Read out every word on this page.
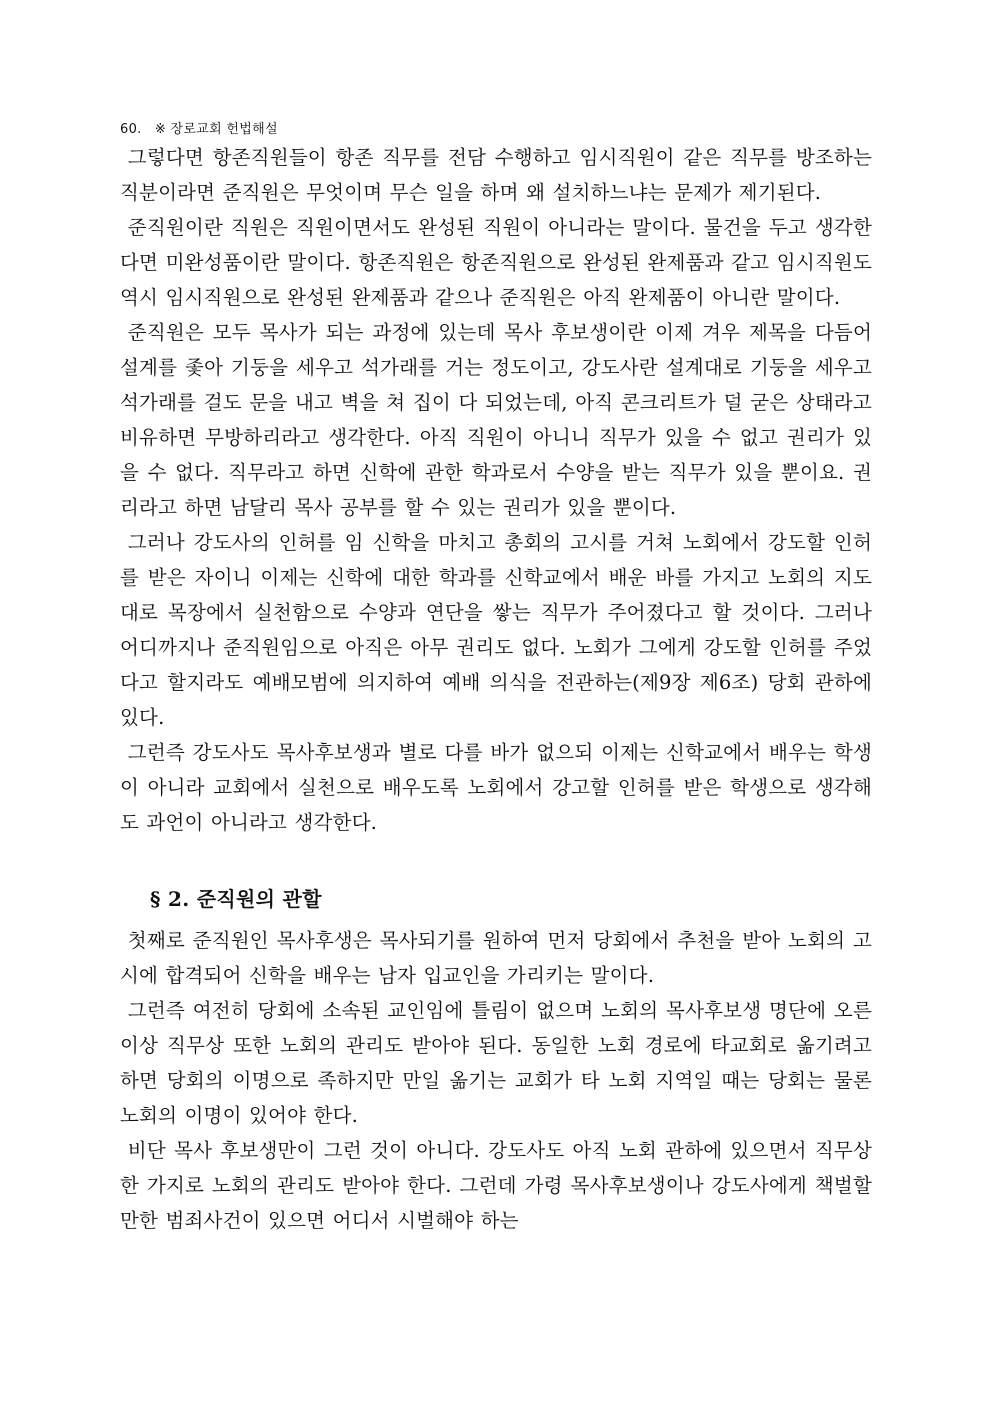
60. ※ 장로교회 헌법해설

그렇다면 항존직원들이 항존 직무를 전담 수행하고 임시직원이 같은 직무를 방조하는 직분이라면 준직원은 무엇이며 무슨 일을 하며 왜 설치하느냐는 문제가 제기된다.

준직원이란 직원은 직원이면서도 완성된 직원이 아니라는 말이다. 물건을 두고 생각한다면 미완성품이란 말이다. 항존직원은 항존직원으로 완성된 완제품과 같고 임시직원도 역시 임시직원으로 완성된 완제품과 같으나 준직원은 아직 완제품이 아니란 말이다.

준직원은 모두 목사가 되는 과정에 있는데 목사 후보생이란 이제 겨우 제목을 다듬어 설계를 좇아 기둥을 세우고 석가래를 거는 정도이고, 강도사란 설계대로 기둥을 세우고 석가래를 걸도 문을 내고 벽을 쳐 집이 다 되었는데, 아직 콘크리트가 덜 굳은 상태라고 비유하면 무방하리라고 생각한다. 아직 직원이 아니니 직무가 있을 수 없고 권리가 있을 수 없다. 직무라고 하면 신학에 관한 학과로서 수양을 받는 직무가 있을 뿐이요. 권리라고 하면 남달리 목사 공부를 할 수 있는 권리가 있을 뿐이다.

그러나 강도사의 인허를 임 신학을 마치고 총회의 고시를 거쳐 노회에서 강도할 인허를 받은 자이니 이제는 신학에 대한 학과를 신학교에서 배운 바를 가지고 노회의 지도대로 목장에서 실천함으로 수양과 연단을 쌓는 직무가 주어졌다고 할 것이다. 그러나 어디까지나 준직원임으로 아직은 아무 권리도 없다. 노회가 그에게 강도할 인허를 주었다고 할지라도 예배모범에 의지하여 예배 의식을 전관하는(제9장 제6조) 당회 관하에 있다.

그런즉 강도사도 목사후보생과 별로 다를 바가 없으되 이제는 신학교에서 배우는 학생이 아니라 교회에서 실천으로 배우도록 노회에서 강고할 인허를 받은 학생으로 생각해도 과언이 아니라고 생각한다.

§ 2. 준직원의 관할

첫째로 준직원인 목사후생은 목사되기를 원하여 먼저 당회에서 추천을 받아 노회의 고시에 합격되어 신학을 배우는 남자 입교인을 가리키는 말이다.

그런즉 여전히 당회에 소속된 교인임에 틀림이 없으며 노회의 목사후보생 명단에 오른 이상 직무상 또한 노회의 관리도 받아야 된다. 동일한 노회 경로에 타교회로 옮기려고 하면 당회의 이명으로 족하지만 만일 옮기는 교회가 타 노회 지역일 때는 당회는 물론 노회의 이명이 있어야 한다.

비단 목사 후보생만이 그런 것이 아니다. 강도사도 아직 노회 관하에 있으면서 직무상 한 가지로 노회의 관리도 받아야 한다. 그런데 가령 목사후보생이나 강도사에게 책벌할만한 범죄사건이 있으면 어디서 시벌해야 하는
